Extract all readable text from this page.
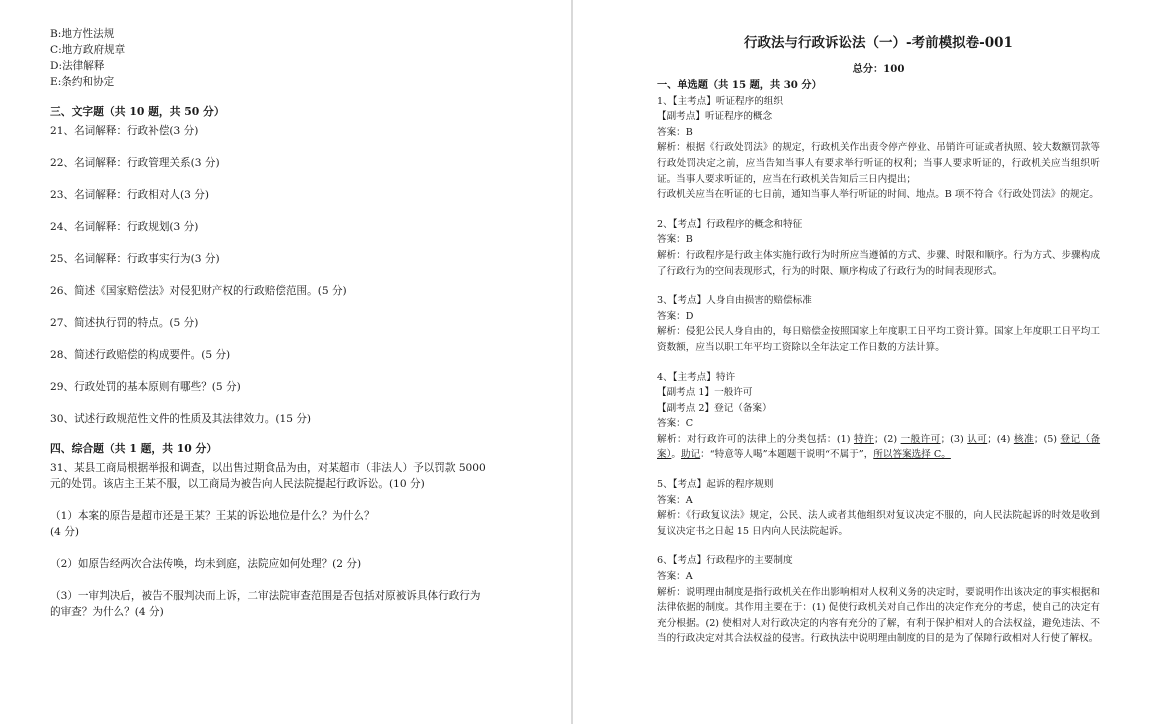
B:地方性法规

C:地方政府规章

D:法律解释

E:条约和协定

三、文字题（共 10 题，共 50 分）

21、名词解释：行政补偿(3 分)

22、名词解释：行政管理关系(3 分)

23、名词解释：行政相对人(3 分)

24、名词解释：行政规划(3 分)

25、名词解释：行政事实行为(3 分)

26、简述《国家赔偿法》对侵犯财产权的行政赔偿范围。(5 分)

27、简述执行罚的特点。(5 分)

28、简述行政赔偿的构成要件。(5 分)

29、行政处罚的基本原则有哪些？(5 分)

30、试述行政规范性文件的性质及其法律效力。(15 分)

四、综合题（共 1 题，共 10 分）

31、某县工商局根据举报和调查，以出售过期食品为由，对某超市（非法人）予以罚款 5000 元的处罚。该店主王某不服，以工商局为被告向人民法院提起行政诉讼。(10 分)

（1）本案的原告是超市还是王某？王某的诉讼地位是什么？为什么？
(4 分)

（2）如原告经两次合法传唤，均未到庭，法院应如何处理？(2 分)

（3）一审判决后，被告不服判决而上诉，二审法院审查范围是否包括对原被诉具体行政行为的审查？为什么？(4 分)

行政法与行政诉讼法（一）-考前模拟卷-001

总分：100

一、单选题（共 15 题，共 30 分）

1、【主考点】听证程序的组织

【副考点】听证程序的概念

答案：B

解析：根据《行政处罚法》的规定，行政机关作出责令停产停业、吊销许可证或者执照、较大数额罚款等行政处罚决定之前，应当告知当事人有要求举行听证的权利；当事人要求听证的，行政机关应当组织听证。当事人要求听证的，应当在行政机关告知后三日内提出；

行政机关应当在听证的七日前，通知当事人举行听证的时间、地点。B 项不符合《行政处罚法》的规定。

2、【考点】行政程序的概念和特征

答案：B

解析：行政程序是行政主体实施行政行为时所应当遵循的方式、步骤、时限和顺序。行为方式、步骤构成了行政行为的空间表现形式，行为的时限、顺序构成了行政行为的时间表现形式。

3、【考点】人身自由损害的赔偿标准

答案：D

解析：侵犯公民人身自由的，每日赔偿金按照国家上年度职工日平均工资计算。国家上年度职工日平均工资数额，应当以职工年平均工资除以全年法定工作日数的方法计算。

4、【主考点】特许

【副考点 1】一般许可

【副考点 2】登记（备案）

答案：C

解析：对行政许可的法律上的分类包括：(1) 特许；(2) 一般许可；(3) 认可；(4) 核准；(5) 登记（备案）。助记：“特意等人喝”本题题干说明“不属于”，所以答案选择 C。

5、【考点】起诉的程序规则

答案：A

解析：《行政复议法》规定，公民、法人或者其他组织对复议决定不服的，向人民法院起诉的时效是收到复议决定书之日起 15 日内向人民法院起诉。

6、【考点】行政程序的主要制度

答案：A

解析：说明理由制度是指行政机关在作出影响相对人权利义务的决定时，要说明作出该决定的事实根据和法律依据的制度。其作用主要在于：(1) 促使行政机关对自己作出的决定作充分的考虑，使自己的决定有充分根据。(2) 使相对人对行政决定的内容有充分的了解，有利于保护相对人的合法权益，避免违法、不当的行政决定对其合法权益的侵害。行政执法中说明理由制度的目的是为了保障行政相对人行使了解权。
